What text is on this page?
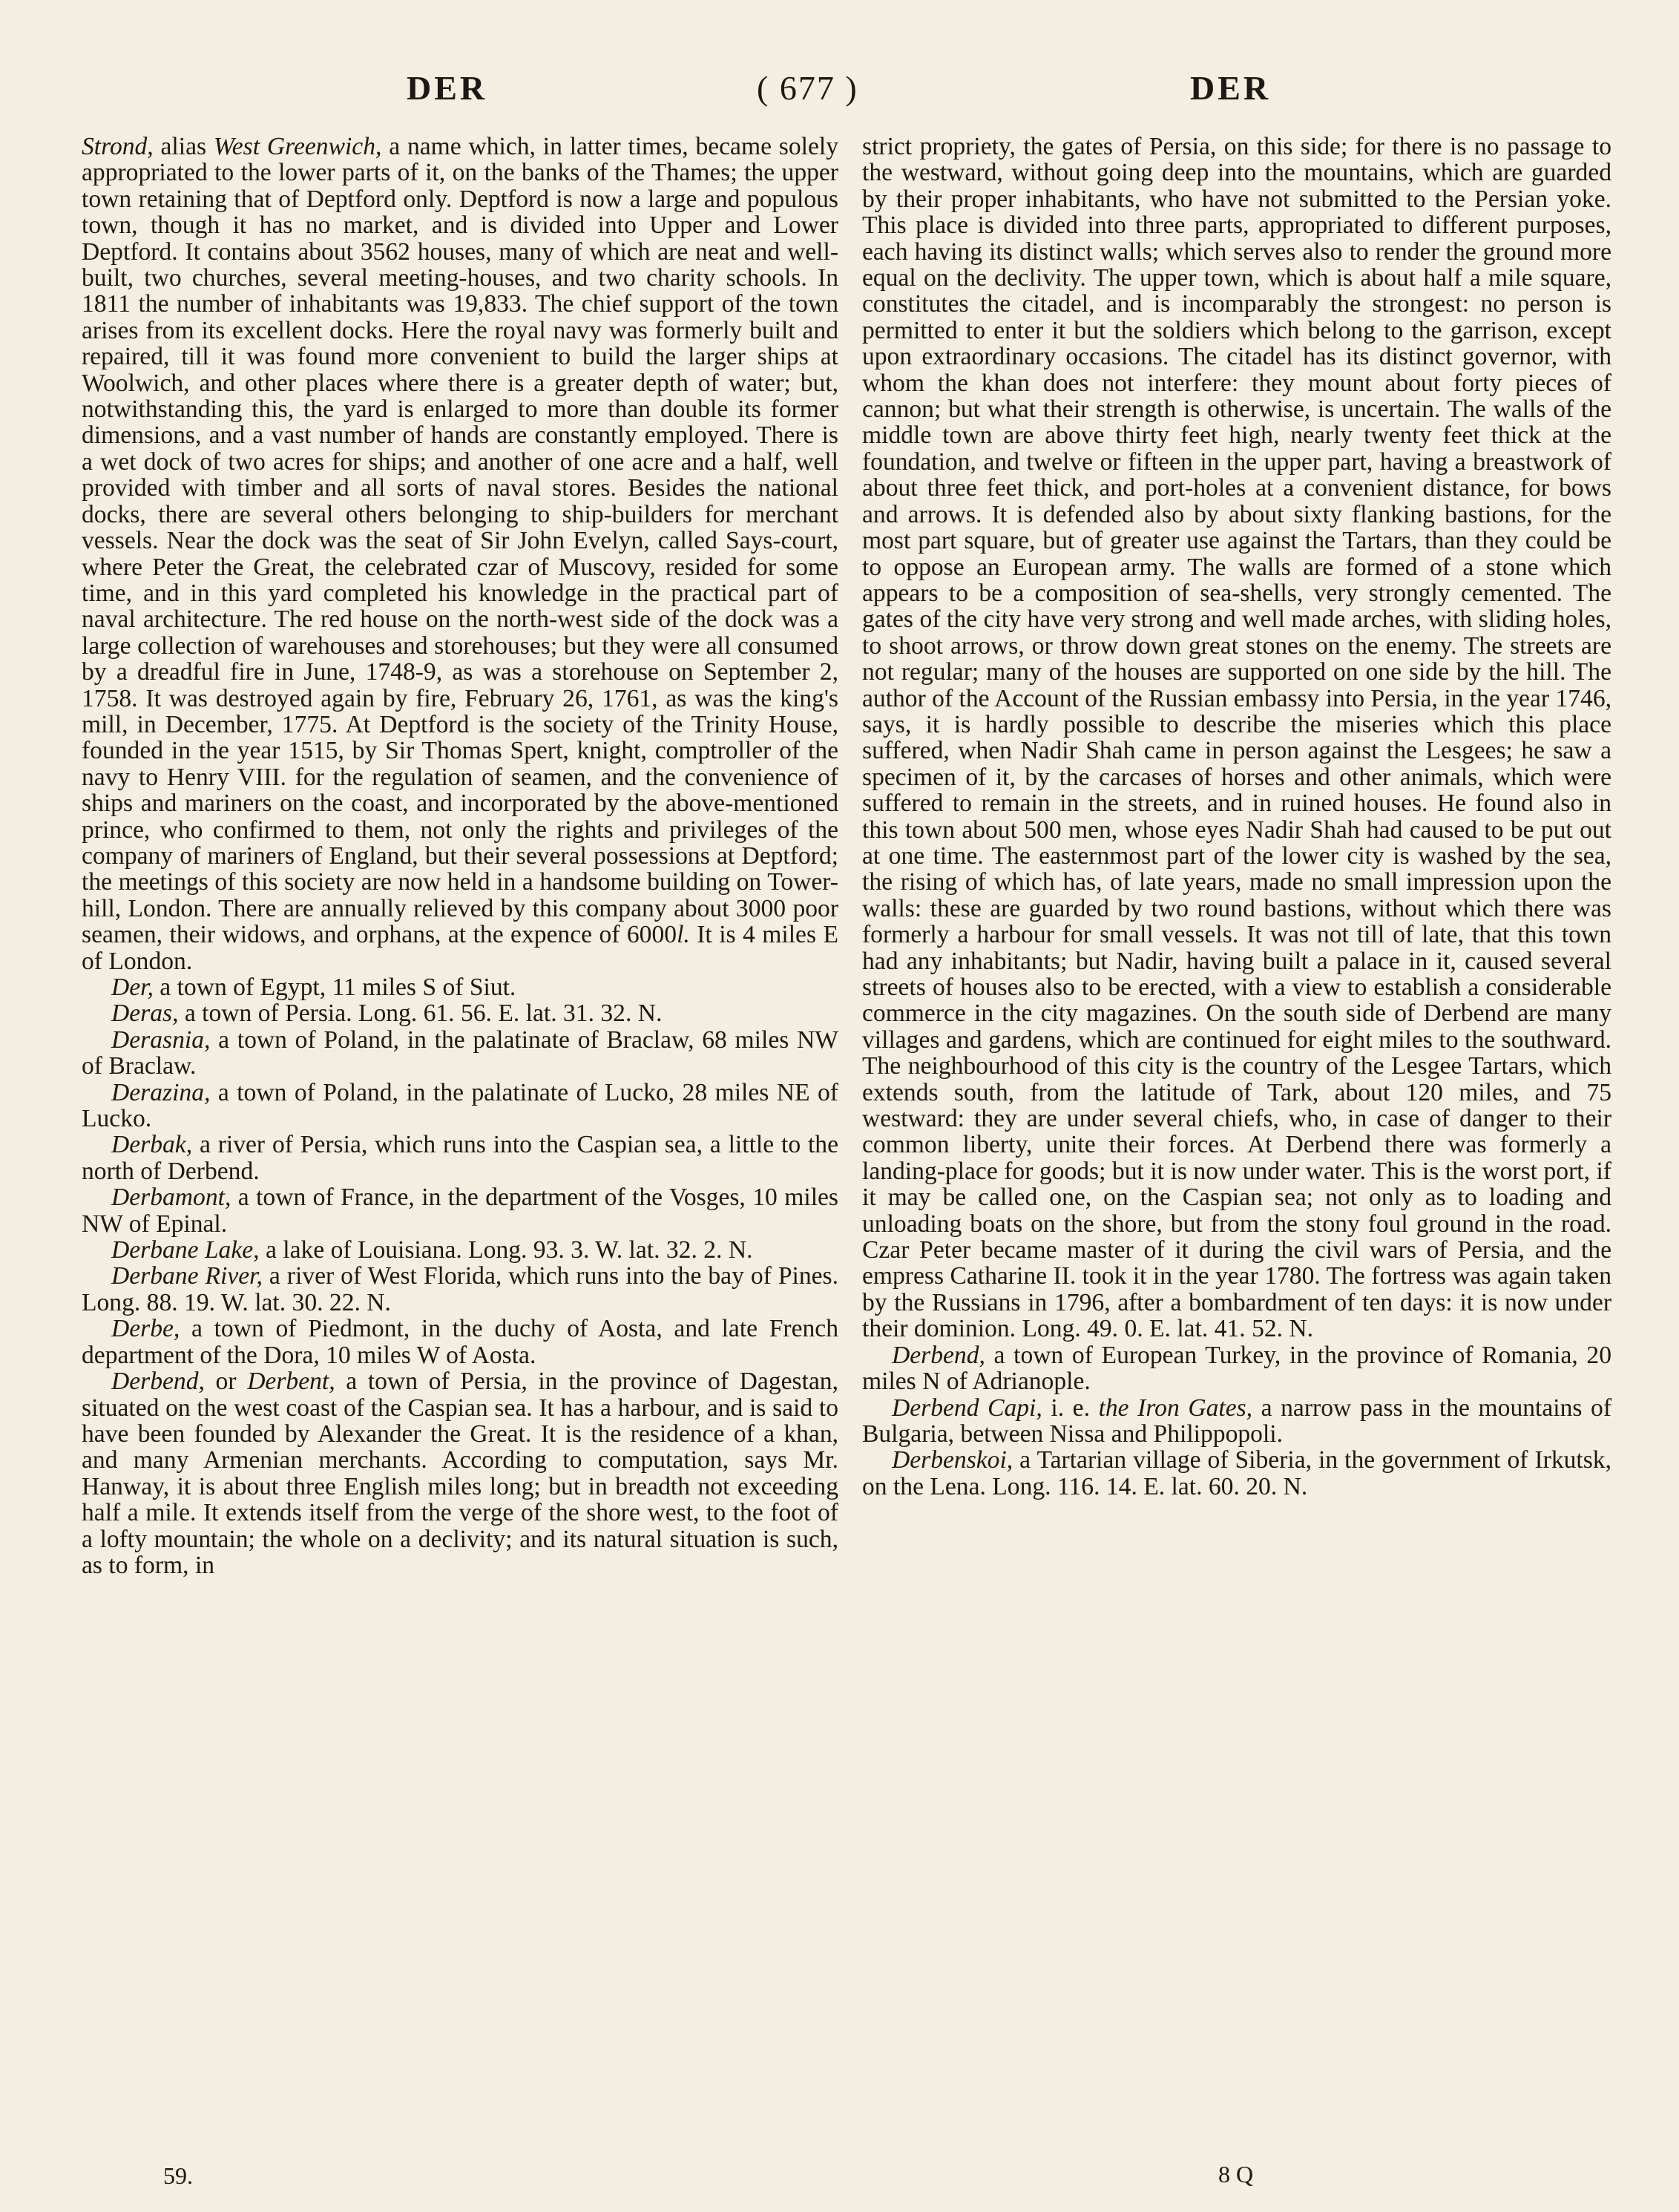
DER	( 677 )	DER

Strond, alias West Greenwich, a name which, in latter times, became solely appropriated to the lower parts of it, on the banks of the Thames; the upper town retaining that of Deptford only. Deptford is now a large and populous town, though it has no market, and is divided into Upper and Lower Deptford. It contains about 3562 houses, many of which are neat and well-built, two churches, several meeting-houses, and two charity schools. In 1811 the number of inhabitants was 19,833. The chief support of the town arises from its excellent docks. Here the royal navy was formerly built and repaired, till it was found more convenient to build the larger ships at Woolwich, and other places where there is a greater depth of water; but, notwithstanding this, the yard is enlarged to more than double its former dimensions, and a vast number of hands are constantly employed. There is a wet dock of two acres for ships; and another of one acre and a half, well provided with timber and all sorts of naval stores. Besides the national docks, there are several others belonging to ship-builders for merchant vessels. Near the dock was the seat of Sir John Evelyn, called Says-court, where Peter the Great, the celebrated czar of Muscovy, resided for some time, and in this yard completed his knowledge in the practical part of naval architecture. The red house on the north-west side of the dock was a large collection of warehouses and storehouses; but they were all consumed by a dreadful fire in June, 1748-9, as was a storehouse on September 2, 1758. It was destroyed again by fire, February 26, 1761, as was the king's mill, in December, 1775. At Deptford is the society of the Trinity House, founded in the year 1515, by Sir Thomas Spert, knight, comptroller of the navy to Henry VIII. for the regulation of seamen, and the convenience of ships and mariners on the coast, and incorporated by the above-mentioned prince, who confirmed to them, not only the rights and privileges of the company of mariners of England, but their several possessions at Deptford; the meetings of this society are now held in a handsome building on Tower-hill, London. There are annually relieved by this company about 3000 poor seamen, their widows, and orphans, at the expence of 6000l. It is 4 miles E of London.

Der, a town of Egypt, 11 miles S of Siut.

Deras, a town of Persia. Long. 61. 56. E. lat. 31. 32. N.

Derasnia, a town of Poland, in the palatinate of Braclaw, 68 miles NW of Braclaw.

Derazina, a town of Poland, in the palatinate of Lucko, 28 miles NE of Lucko.

Derbak, a river of Persia, which runs into the Caspian sea, a little to the north of Derbend.

Derbamont, a town of France, in the department of the Vosges, 10 miles NW of Epinal.

Derbane Lake, a lake of Louisiana. Long. 93. 3. W. lat. 32. 2. N.

Derbane River, a river of West Florida, which runs into the bay of Pines. Long. 88. 19. W. lat. 30. 22. N.

Derbe, a town of Piedmont, in the duchy of Aosta, and late French department of the Dora, 10 miles W of Aosta.

Derbend, or Derbent, a town of Persia, in the province of Dagestan, situated on the west coast of the Caspian sea. It has a harbour, and is said to have been founded by Alexander the Great. It is the residence of a khan, and many Armenian merchants. According to computation, says Mr. Hanway, it is about three English miles long; but in breadth not exceeding half a mile. It extends itself from the verge of the shore west, to the foot of a lofty mountain; the whole on a declivity; and its natural situation is such, as to form, in

strict propriety, the gates of Persia, on this side; for there is no passage to the westward, without going deep into the mountains, which are guarded by their proper inhabitants, who have not submitted to the Persian yoke. This place is divided into three parts, appropriated to different purposes, each having its distinct walls; which serves also to render the ground more equal on the declivity. The upper town, which is about half a mile square, constitutes the citadel, and is incomparably the strongest: no person is permitted to enter it but the soldiers which belong to the garrison, except upon extraordinary occasions. The citadel has its distinct governor, with whom the khan does not interfere: they mount about forty pieces of cannon; but what their strength is otherwise, is uncertain. The walls of the middle town are above thirty feet high, nearly twenty feet thick at the foundation, and twelve or fifteen in the upper part, having a breastwork of about three feet thick, and port-holes at a convenient distance, for bows and arrows. It is defended also by about sixty flanking bastions, for the most part square, but of greater use against the Tartars, than they could be to oppose an European army. The walls are formed of a stone which appears to be a composition of sea-shells, very strongly cemented. The gates of the city have very strong and well made arches, with sliding holes, to shoot arrows, or throw down great stones on the enemy. The streets are not regular; many of the houses are supported on one side by the hill. The author of the Account of the Russian embassy into Persia, in the year 1746, says, it is hardly possible to describe the miseries which this place suffered, when Nadir Shah came in person against the Lesgees; he saw a specimen of it, by the carcases of horses and other animals, which were suffered to remain in the streets, and in ruined houses. He found also in this town about 500 men, whose eyes Nadir Shah had caused to be put out at one time. The easternmost part of the lower city is washed by the sea, the rising of which has, of late years, made no small impression upon the walls: these are guarded by two round bastions, without which there was formerly a harbour for small vessels. It was not till of late, that this town had any inhabitants; but Nadir, having built a palace in it, caused several streets of houses also to be erected, with a view to establish a considerable commerce in the city magazines. On the south side of Derbend are many villages and gardens, which are continued for eight miles to the southward. The neighbourhood of this city is the country of the Lesgee Tartars, which extends south, from the latitude of Tark, about 120 miles, and 75 westward: they are under several chiefs, who, in case of danger to their common liberty, unite their forces. At Derbend there was formerly a landing-place for goods; but it is now under water. This is the worst port, if it may be called one, on the Caspian sea; not only as to loading and unloading boats on the shore, but from the stony foul ground in the road. Czar Peter became master of it during the civil wars of Persia, and the empress Catharine II. took it in the year 1780. The fortress was again taken by the Russians in 1796, after a bombardment of ten days: it is now under their dominion. Long. 49. 0. E. lat. 41. 52. N.

Derbend, a town of European Turkey, in the province of Romania, 20 miles N of Adrianople.

Derbend Capi, i. e. the Iron Gates, a narrow pass in the mountains of Bulgaria, between Nissa and Philippopoli.

Derbenskoi, a Tartarian village of Siberia, in the government of Irkutsk, on the Lena. Long. 116. 14. E. lat. 60. 20. N.

59.	8 Q
